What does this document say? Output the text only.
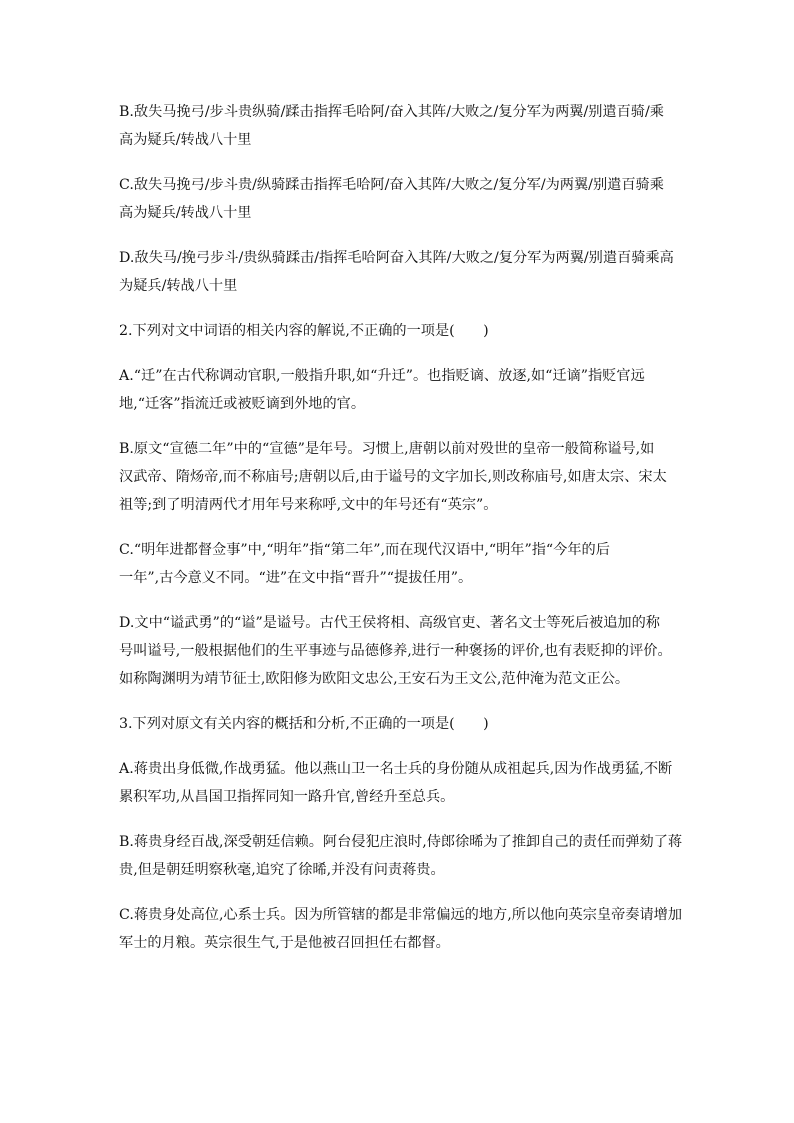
B.敌失马挽弓/步斗贵纵骑/蹂击指挥毛哈阿/奋入其阵/大败之/复分军为两翼/别遣百骑/乘
高为疑兵/转战八十里

C.敌失马挽弓/步斗贵/纵骑蹂击指挥毛哈阿/奋入其阵/大败之/复分军/为两翼/别遣百骑乘
高为疑兵/转战八十里

D.敌失马/挽弓步斗/贵纵骑蹂击/指挥毛哈阿奋入其阵/大败之/复分军为两翼/别遣百骑乘高
为疑兵/转战八十里

2.下列对文中词语的相关内容的解说,不正确的一项是(　　)

A.“迁”在古代称调动官职,一般指升职,如“升迁”。也指贬谪、放逐,如“迁谪”指贬官远
地,“迁客”指流迁或被贬谪到外地的官。

B.原文“宣德二年”中的“宣德”是年号。习惯上,唐朝以前对殁世的皇帝一般简称谥号,如
汉武帝、隋炀帝,而不称庙号;唐朝以后,由于谥号的文字加长,则改称庙号,如唐太宗、宋太
祖等;到了明清两代才用年号来称呼,文中的年号还有“英宗”。

C.“明年进都督佥事”中,“明年”指“第二年”,而在现代汉语中,“明年”指“今年的后
一年”,古今意义不同。“进”在文中指“晋升”“提拔任用”。

D.文中“谥武勇”的“谥”是谥号。古代王侯将相、高级官吏、著名文士等死后被追加的称
号叫谥号,一般根据他们的生平事迹与品德修养,进行一种褒扬的评价,也有表贬抑的评价。
如称陶渊明为靖节征士,欧阳修为欧阳文忠公,王安石为王文公,范仲淹为范文正公。

3.下列对原文有关内容的概括和分析,不正确的一项是(　　)

A.蒋贵出身低微,作战勇猛。他以燕山卫一名士兵的身份随从成祖起兵,因为作战勇猛,不断
累积军功,从昌国卫指挥同知一路升官,曾经升至总兵。

B.蒋贵身经百战,深受朝廷信赖。阿台侵犯庄浪时,侍郎徐晞为了推卸自己的责任而弹劾了蒋
贵,但是朝廷明察秋毫,追究了徐晞,并没有问责蒋贵。

C.蒋贵身处高位,心系士兵。因为所管辖的都是非常偏远的地方,所以他向英宗皇帝奏请增加
军士的月粮。英宗很生气,于是他被召回担任右都督。
